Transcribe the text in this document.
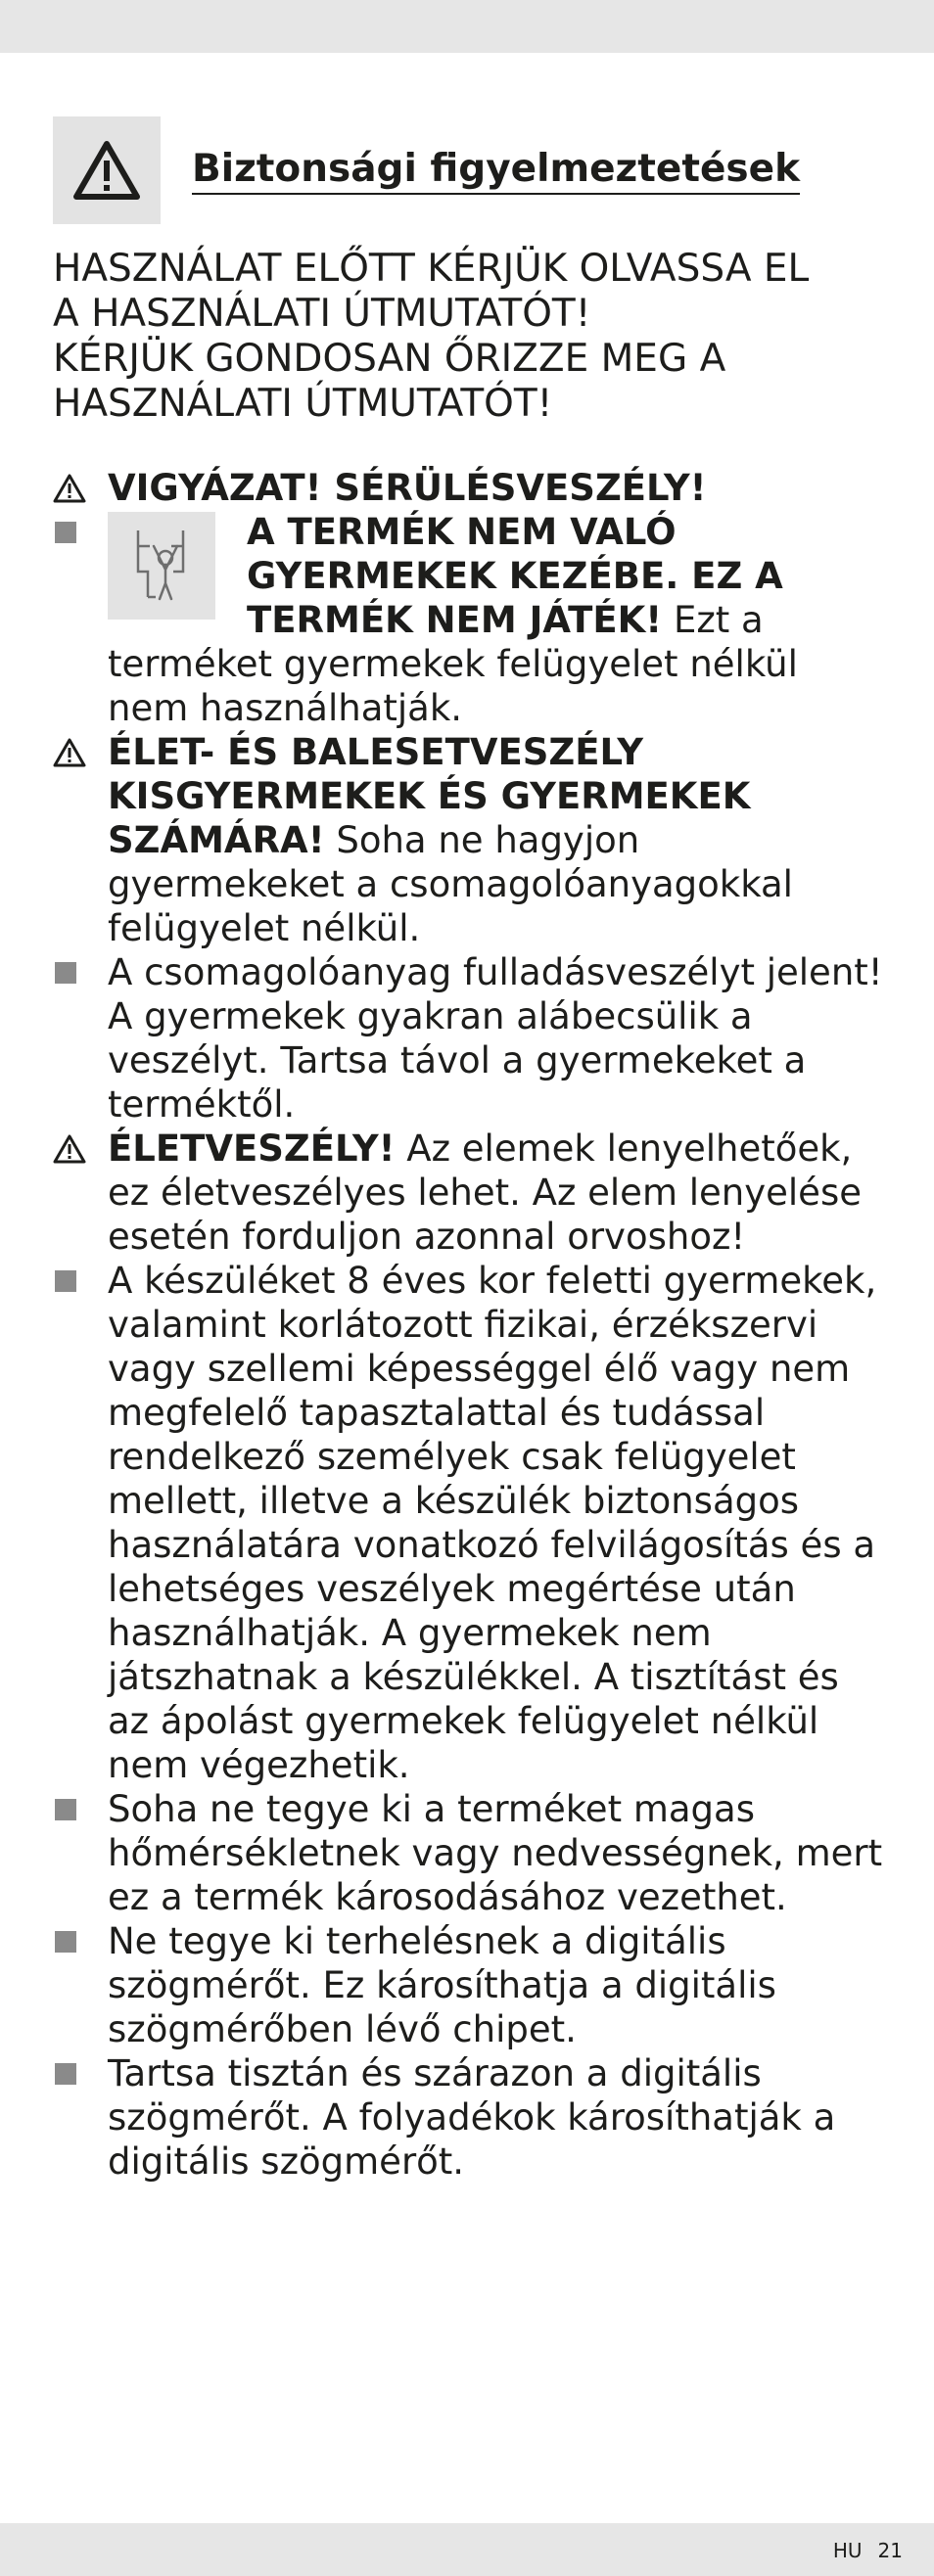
Biztonsági figyelmeztetések
HASZNÁLAT ELŐTT KÉRJÜK OLVASSA EL
A HASZNÁLATI ÚTMUTATÓT!
KÉRJÜK GONDOSAN ŐRIZZE MEG A
HASZNÁLATI ÚTMUTATÓT!
VIGYÁZAT! SÉRÜLÉSVESZÉLY!
A TERMÉK NEM VALÓ GYERMEKEK KEZÉBE. EZ A TERMÉK NEM JÁTÉK! Ezt a terméket gyermekek felügyelet nélkül nem használhatják.
ÉLET- ÉS BALESETVESZÉLY KISGYERMEKEK ÉS GYERMEKEK SZÁMÁRA! Soha ne hagyjon gyermekeket a csomagolóanyagokkal felügyelet nélkül.
A csomagolóanyag fulladásveszélyt jelent! A gyermekek gyakran alábecsülik a veszélyt. Tartsa távol a gyermekeket a terméktől.
ÉLETVESZÉLY! Az elemek lenyelhetőek, ez életveszélyes lehet. Az elem lenyelése esetén forduljon azonnal orvoshoz!
A készüléket 8 éves kor feletti gyermekek, valamint korlátozott fizikai, érzékszervi vagy szellemi képességgel élő vagy nem megfelelő tapasztalattal és tudással rendelkező személyek csak felügyelet mellett, illetve a készülék biztonságos használatára vonatkozó felvilágosítás és a lehetséges veszélyek megértése után használhatják. A gyermekek nem játszhatnak a készülékkel. A tisztítást és az ápolást gyermekek felügyelet nélkül nem végezhetik.
Soha ne tegye ki a terméket magas hőmérsékletnek vagy nedvességnek, mert ez a termék károsodásához vezethet.
Ne tegye ki terhelésnek a digitális szögmérőt. Ez károsíthatja a digitális szögmérőben lévő chipet.
Tartsa tisztán és szárazon a digitális szögmérőt. A folyadékok károsíthatják a digitális szögmérőt.
HU 21
